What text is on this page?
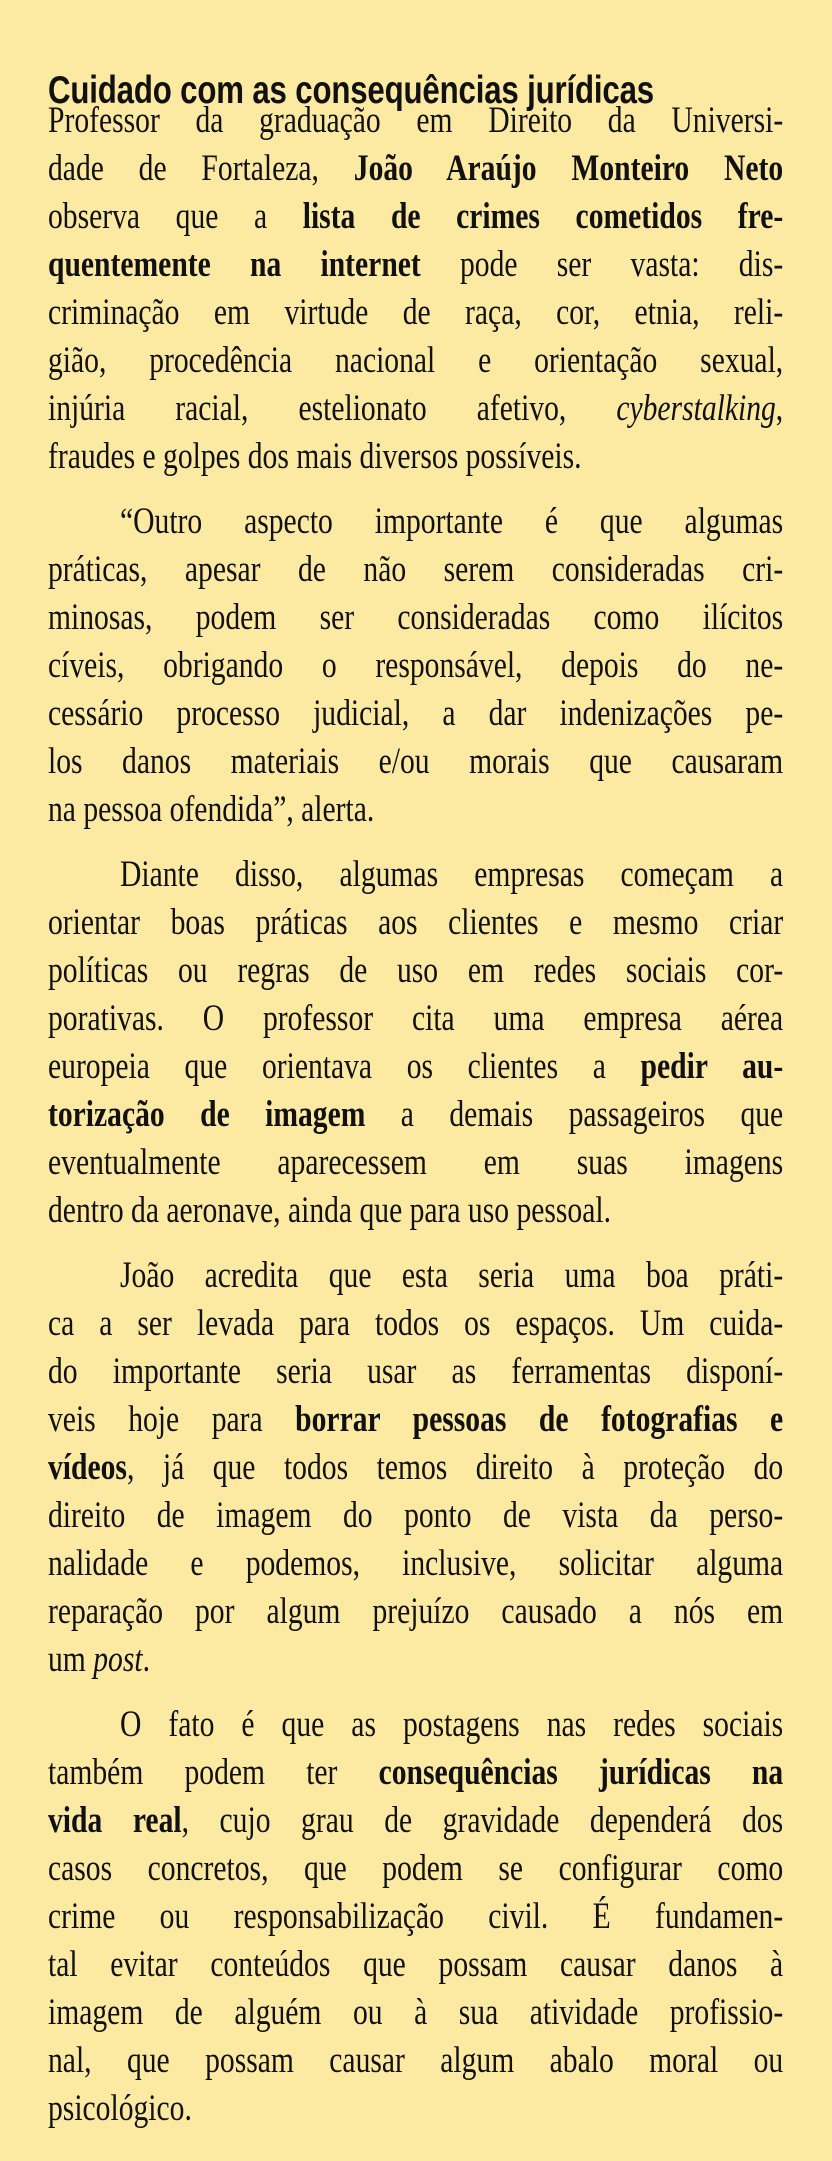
Cuidado com as consequências jurídicas
Professor da graduação em Direito da Universi-
dade de Fortaleza, João Araújo Monteiro Neto
observa que a lista de crimes cometidos fre-
quentemente na internet pode ser vasta: dis-
criminação em virtude de raça, cor, etnia, reli-
gião, procedência nacional e orientação sexual,
injúria racial, estelionato afetivo, cyberstalking,
fraudes e golpes dos mais diversos possíveis.
“Outro aspecto importante é que algumas
práticas, apesar de não serem consideradas cri-
minosas, podem ser consideradas como ilícitos
cíveis, obrigando o responsável, depois do ne-
cessário processo judicial, a dar indenizações pe-
los danos materiais e/ou morais que causaram
na pessoa ofendida”, alerta.
Diante disso, algumas empresas começam a
orientar boas práticas aos clientes e mesmo criar
políticas ou regras de uso em redes sociais cor-
porativas. O professor cita uma empresa aérea
europeia que orientava os clientes a pedir au-
torização de imagem a demais passageiros que
eventualmente aparecessem em suas imagens
dentro da aeronave, ainda que para uso pessoal.
João acredita que esta seria uma boa práti-
ca a ser levada para todos os espaços. Um cuida-
do importante seria usar as ferramentas disponí-
veis hoje para borrar pessoas de fotografias e
vídeos, já que todos temos direito à proteção do
direito de imagem do ponto de vista da perso-
nalidade e podemos, inclusive, solicitar alguma
reparação por algum prejuízo causado a nós em
um post.
O fato é que as postagens nas redes sociais
também podem ter consequências jurídicas na
vida real, cujo grau de gravidade dependerá dos
casos concretos, que podem se configurar como
crime ou responsabilização civil. É fundamen-
tal evitar conteúdos que possam causar danos à
imagem de alguém ou à sua atividade profissio-
nal, que possam causar algum abalo moral ou
psicológico.
